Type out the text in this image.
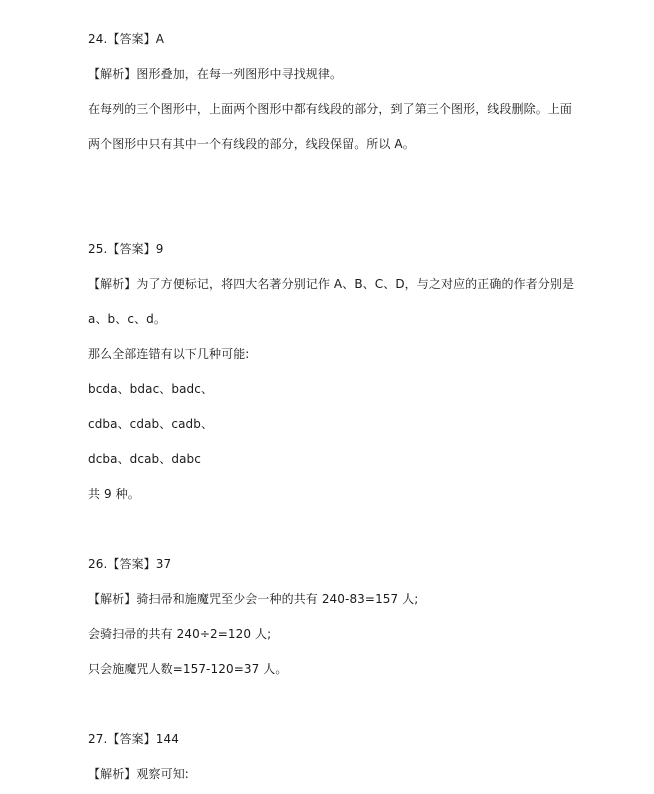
24.【答案】A
【解析】图形叠加，在每一列图形中寻找规律。
在每列的三个图形中，上面两个图形中都有线段的部分，到了第三个图形，线段删除。上面
两个图形中只有其中一个有线段的部分，线段保留。所以 A。
25.【答案】9
【解析】为了方便标记，将四大名著分别记作 A、B、C、D，与之对应的正确的作者分别是
a、b、c、d。
那么全部连错有以下几种可能:
bcda、bdac、badc、
cdba、cdab、cadb、
dcba、dcab、dabc
共 9 种。
26.【答案】37
【解析】骑扫帚和施魔咒至少会一种的共有 240-83=157 人;
会骑扫帚的共有 240÷2=120 人;
只会施魔咒人数=157-120=37 人。
27.【答案】144
【解析】观察可知:
